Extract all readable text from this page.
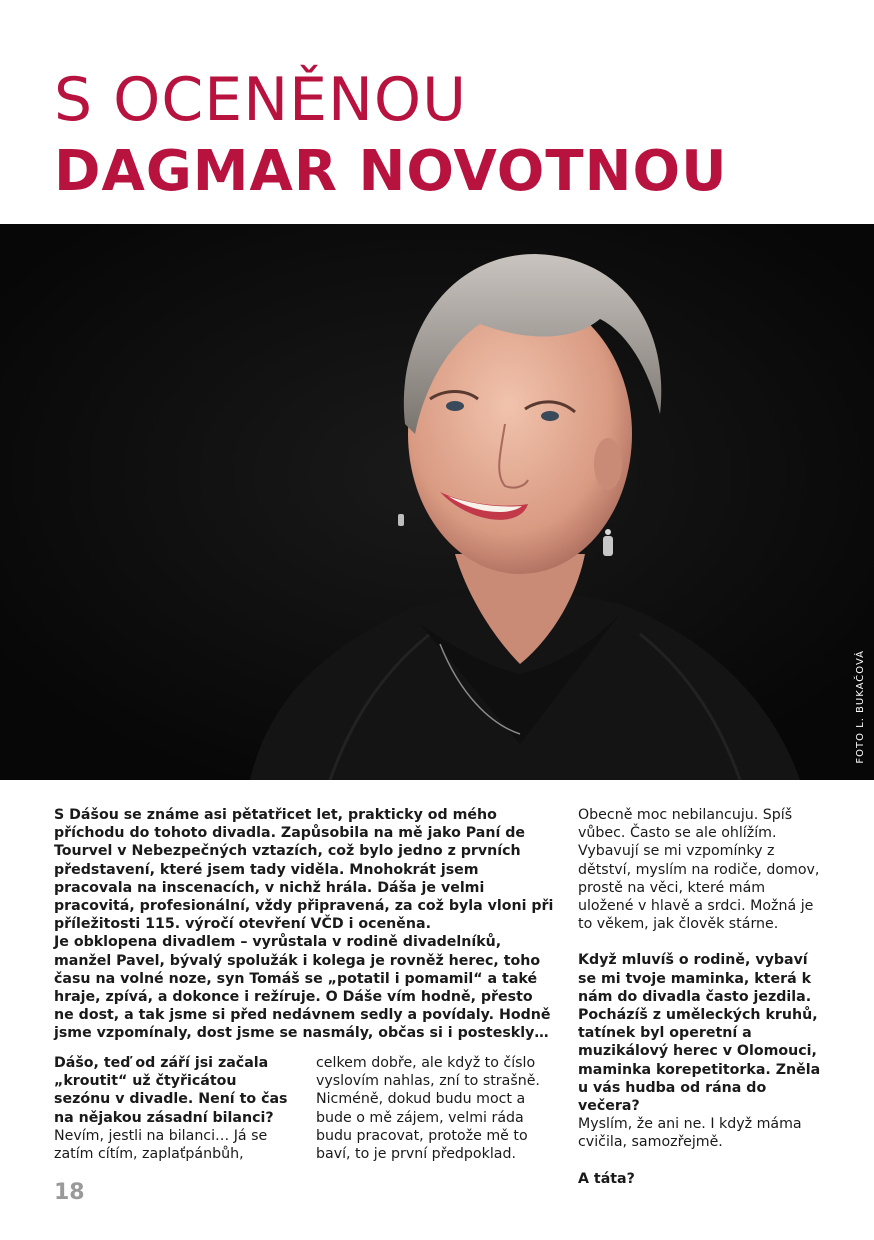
S OCENĚNOU
DAGMAR NOVOTNOU
FOTO L. BUKAČOVÁ

S Dášou se známe asi pětatřicet let, prakticky od mého příchodu do tohoto divadla. Zapůsobila na mě jako Paní de Tourvel v Nebezpečných vztazích, což bylo jedno z prvních představení, které jsem tady viděla. Mnohokrát jsem pracovala na inscenacích, v nichž hrála. Dáša je velmi pracovitá, profesionální, vždy připravená, za což byla vloni při příležitosti 115. výročí otevření VČD i oceněna.

Je obklopena divadlem – vyrůstala v rodině divadelníků, manžel Pavel, bývalý spolužák i kolega je rovněž herec, toho času na volné noze, syn Tomáš se „potatil i pomamil“ a také hraje, zpívá, a dokonce i režíruje. O Dáše vím hodně, přesto ne dost, a tak jsme si před nedávnem sedly a povídaly. Hodně jsme vzpomínaly, dost jsme se nasmály, občas si i posteskly…

Dášo, teď od září jsi začala „kroutit“ už čtyřicátou sezónu v divadle. Není to čas na nějakou zásadní bilanci?

Nevím, jestli na bilanci… Já se zatím cítím, zaplaťpánbůh,

celkem dobře, ale když to číslo vyslovím nahlas, zní to strašně. Nicméně, dokud budu moct a bude o mě zájem, velmi ráda budu pracovat, protože mě to baví, to je první předpoklad.

Obecně moc nebilancuju. Spíš vůbec. Často se ale ohlížím. Vybavují se mi vzpomínky z dětství, myslím na rodiče, domov, prostě na věci, které mám uložené v hlavě a srdci. Možná je to věkem, jak člověk stárne.

Když mluvíš o rodině, vybaví se mi tvoje maminka, která k nám do divadla často jezdila. Pocházíš z uměleckých kruhů, tatínek byl operetní a muzikálový herec v Olomouci, maminka korepetitorka. Zněla u vás hudba od rána do večera?

Myslím, že ani ne. I když máma cvičila, samozřejmě.

A táta?

18
